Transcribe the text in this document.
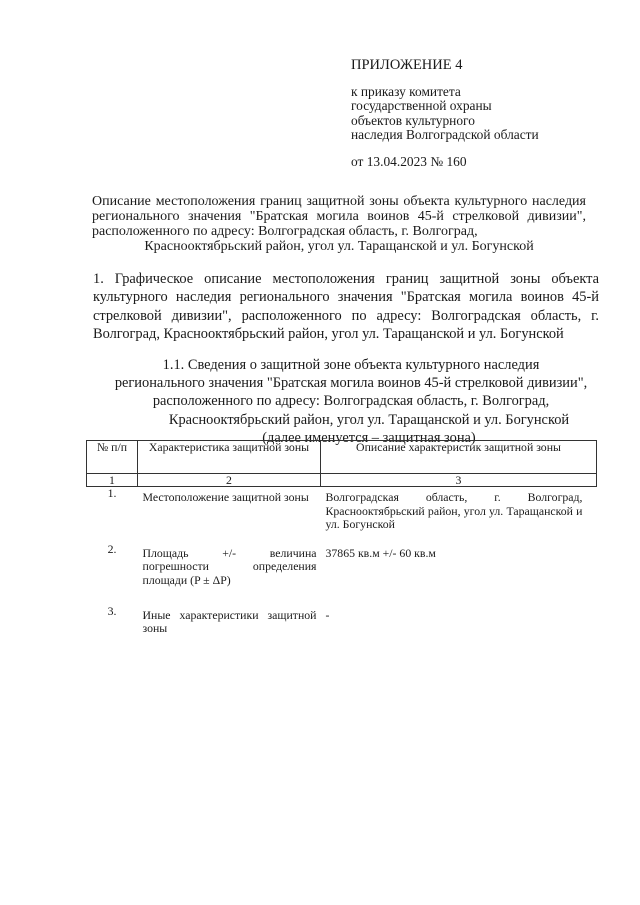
ПРИЛОЖЕНИЕ 4
к приказу комитета
государственной охраны
объектов культурного
наследия Волгоградской области
от 13.04.2023 № 160
Описание местоположения границ защитной зоны объекта культурного наследия регионального значения "Братская могила воинов 45-й стрелковой дивизии", расположенного по адресу: Волгоградская область, г. Волгоград,
Краснооктябрьский район, угол ул. Таращанской и ул. Богунской

1. Графическое описание местоположения границ защитной зоны объекта культурного наследия регионального значения "Братская могила воинов 45-й стрелковой дивизии", расположенного по адресу: Волгоградская область, г. Волгоград, Краснооктябрьский район, угол ул. Таращанской и ул. Богунской

1.1. Сведения о защитной зоне объекта культурного наследия
регионального значения "Братская могила воинов 45-й стрелковой дивизии",
расположенного по адресу: Волгоградская область, г. Волгоград,
Краснооктябрьский район, угол ул. Таращанской и ул. Богунской
(далее именуется – защитная зона)
№ п/п	Характеристика защитной зоны	Описание характеристик защитной зоны
1	2	3
1.	Местоположение защитной зоны	Волгоградская область, г. Волгоград, Краснооктябрьский район, угол ул. Таращанской и ул. Богунской
2.	Площадь +/- величина погрешности определения площади (P ± ΔP)	37865 кв.м +/- 60 кв.м
3.	Иные характеристики защитной зоны	-
